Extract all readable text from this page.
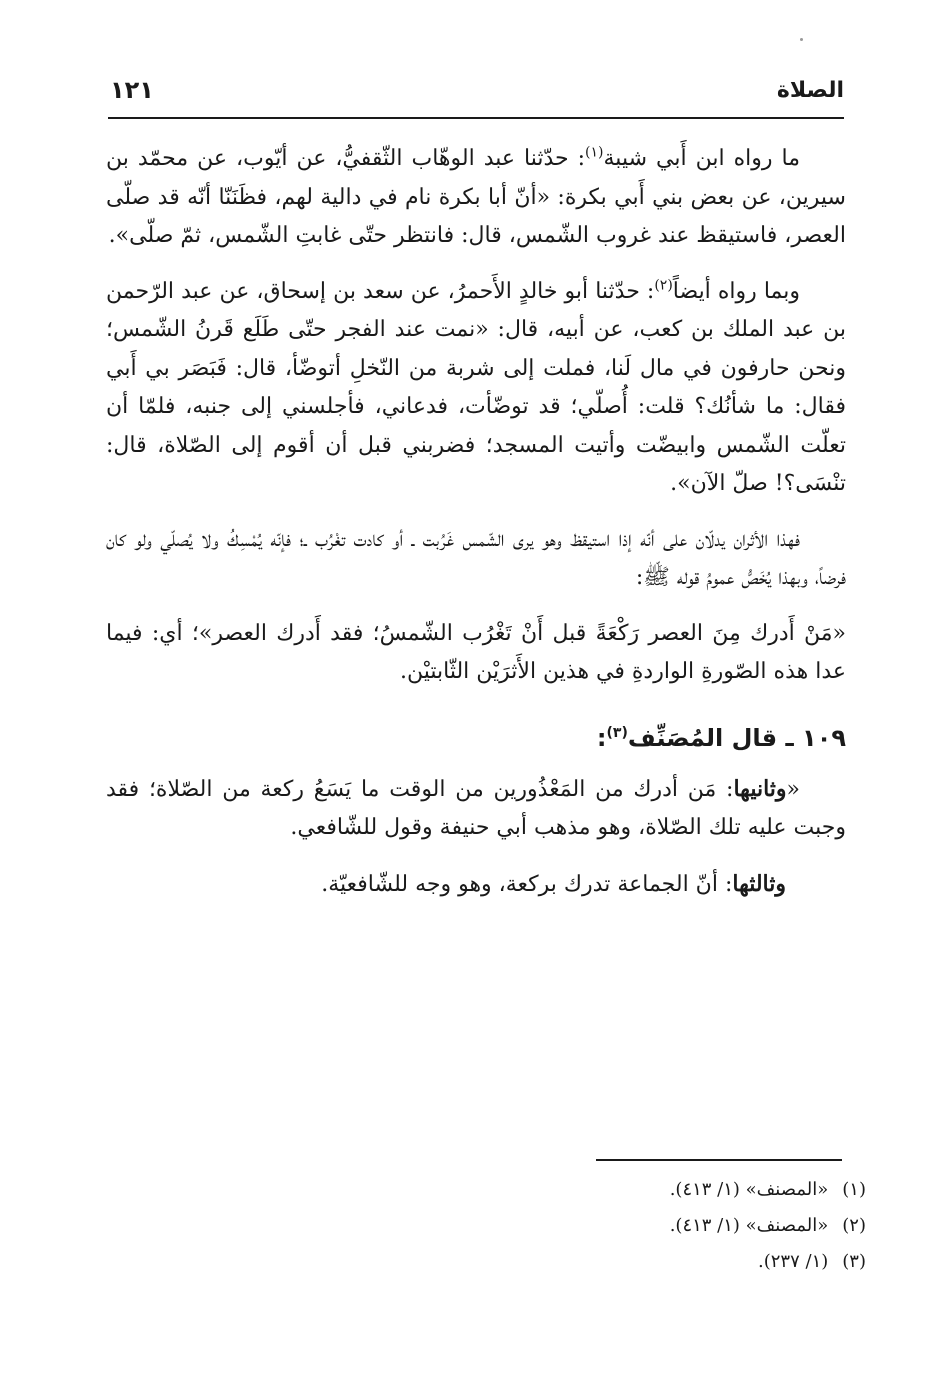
الصلاة
١٢١

ما رواه ابن أَبي شيبة$^{(١)}$: حدّثنا عبد الوهّاب الثّقفيُّ، عن أيّوب، عن محمّد بن سيرين، عن بعض بني أَبي بكرة: «أنّ أبا بكرة نام في دالية لهم، فظَنَنّا أنّه قد صلّى العصر، فاستيقظ عند غروب الشّمس، قال: فانتظر حتّى غابتِ الشّمس، ثمّ صلّى».

وبما رواه أيضاً$^{(٢)}$: حدّثنا أبو خالدٍ الأَحمرُ، عن سعد بن إسحاق، عن عبد الرّحمن بن عبد الملك بن كعب، عن أبيه، قال: «نمت عند الفجر حتّى طَلَع قَرنُ الشّمس؛ ونحن حارفون في مال لَنا، فملت إلى شربة من النّخلِ أتوضّأ، قال: فَبَصَر بي أَبي فقال: ما شأنُك؟ قلت: أُصلّي؛ قد توضّأت، فدعاني، فأجلسني إلى جنبه، فلمّا أن تعلّت الشّمس وابيضّت وأتيت المسجد؛ فضربني قبل أن أقوم إلى الصّلاة، قال: تنْسَى؟! صلّ الآن».

فهذا الأثران يدلّان على أنّه إذا استيقظ وهو يرى الشّمس غَرُبت ـ أو كادت تغْرُب ـ؛ فإنّه يُمْسِكُ ولا يُصلّي ولو كان فرضاً، وبهذا يُخَصُّ عمومُ قوله ﷺ:

«مَنْ أَدرك مِنَ العصر رَكْعَةً قبل أَنْ تَغْرُب الشّمسُ؛ فقد أَدرك العصر»؛ أي: فيما عدا هذه الصّورةِ الواردةِ في هذين الأَثرَيْن الثّابتيْن.

١٠٩ ـ قال المُصَنِّف$^{(٣)}$:

«وثانيها: مَن أدرك من المَعْذُورين من الوقت ما يَسَعُ ركعة من الصّلاة؛ فقد وجبت عليه تلك الصّلاة، وهو مذهب أبي حنيفة وقول للشّافعي.

وثالثها: أنّ الجماعة تدرك بركعة، وهو وجه للشّافعيّة.

(١)«المصنف» (١/ ٤١٣).

(٢)«المصنف» (١/ ٤١٣).

(٣)(١/ ٢٣٧).
